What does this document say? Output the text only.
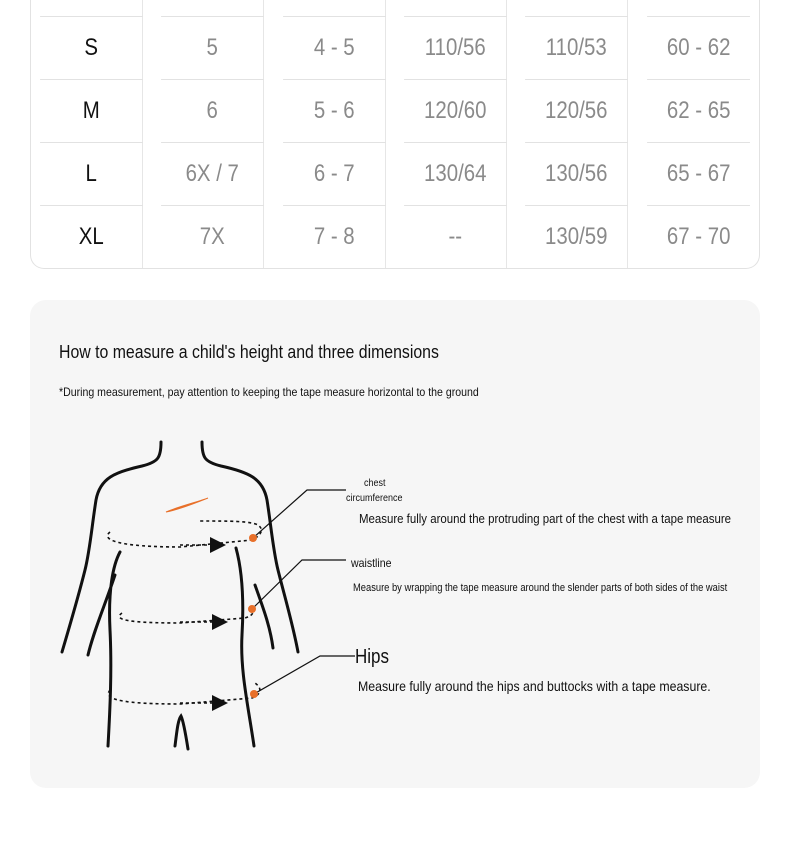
S	5	4 - 5	110/56	110/53	60 - 62
M	6	5 - 6	120/60	120/56	62 - 65
L	6X / 7	6 - 7	130/64	130/56	65 - 67
XL	7X	7 - 8	--	130/59	67 - 70
How to measure a child's height and three dimensions
*During measurement, pay attention to keeping the tape measure horizontal to the ground
chest
circumference
Measure fully around the protruding part of the chest with a tape measure
waistline
Measure by wrapping the tape measure around the slender parts of both sides of the waist
Hips
Measure fully around the hips and buttocks with a tape measure.
